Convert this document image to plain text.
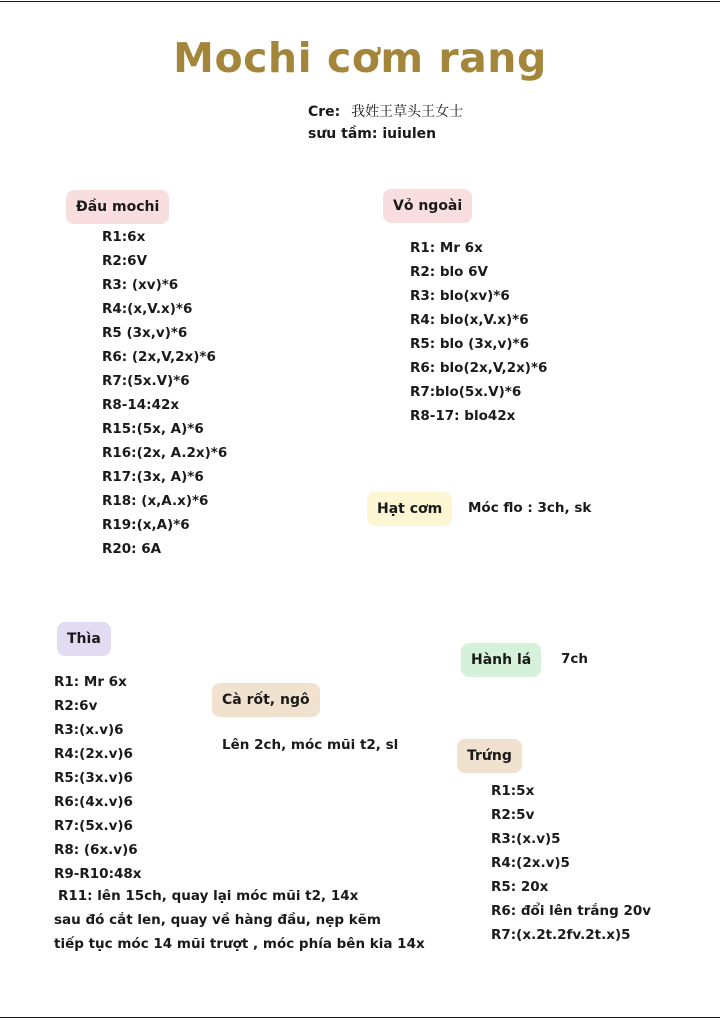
Mochi cơm rang
Cre: 我姓王草头王女士
sưu tầm: iuiulen
Đầu mochi
R1:6x
R2:6V
R3: (xv)*6
R4:(x,V.x)*6
R5 (3x,v)*6
R6: (2x,V,2x)*6
R7:(5x.V)*6
R8-14:42x
R15:(5x, A)*6
R16:(2x, A.2x)*6
R17:(3x, A)*6
R18: (x,A.x)*6
R19:(x,A)*6
R20: 6A
Vỏ ngoài
R1: Mr 6x
R2: blo 6V
R3: blo(xv)*6
R4: blo(x,V.x)*6
R5: blo (3x,v)*6
R6: blo(2x,V,2x)*6
R7:blo(5x.V)*6
R8-17: blo42x
Hạt cơm	Móc flo : 3ch, sk
Thìa
R1: Mr 6x
R2:6v
R3:(x.v)6
R4:(2x.v)6
R5:(3x.v)6
R6:(4x.v)6
R7:(5x.v)6
R8: (6x.v)6
R9-R10:48x
R11: lên 15ch, quay lại móc mũi t2, 14x
sau đó cắt len, quay về hàng đầu, nẹp kẽm
tiếp tục móc 14 mũi trượt , móc phía bên kia 14x
Cà rốt, ngô
Lên 2ch, móc mũi t2, sl
Hành lá	7ch
Trứng
R1:5x
R2:5v
R3:(x.v)5
R4:(2x.v)5
R5: 20x
R6: đổi lên trắng 20v
R7:(x.2t.2fv.2t.x)5
